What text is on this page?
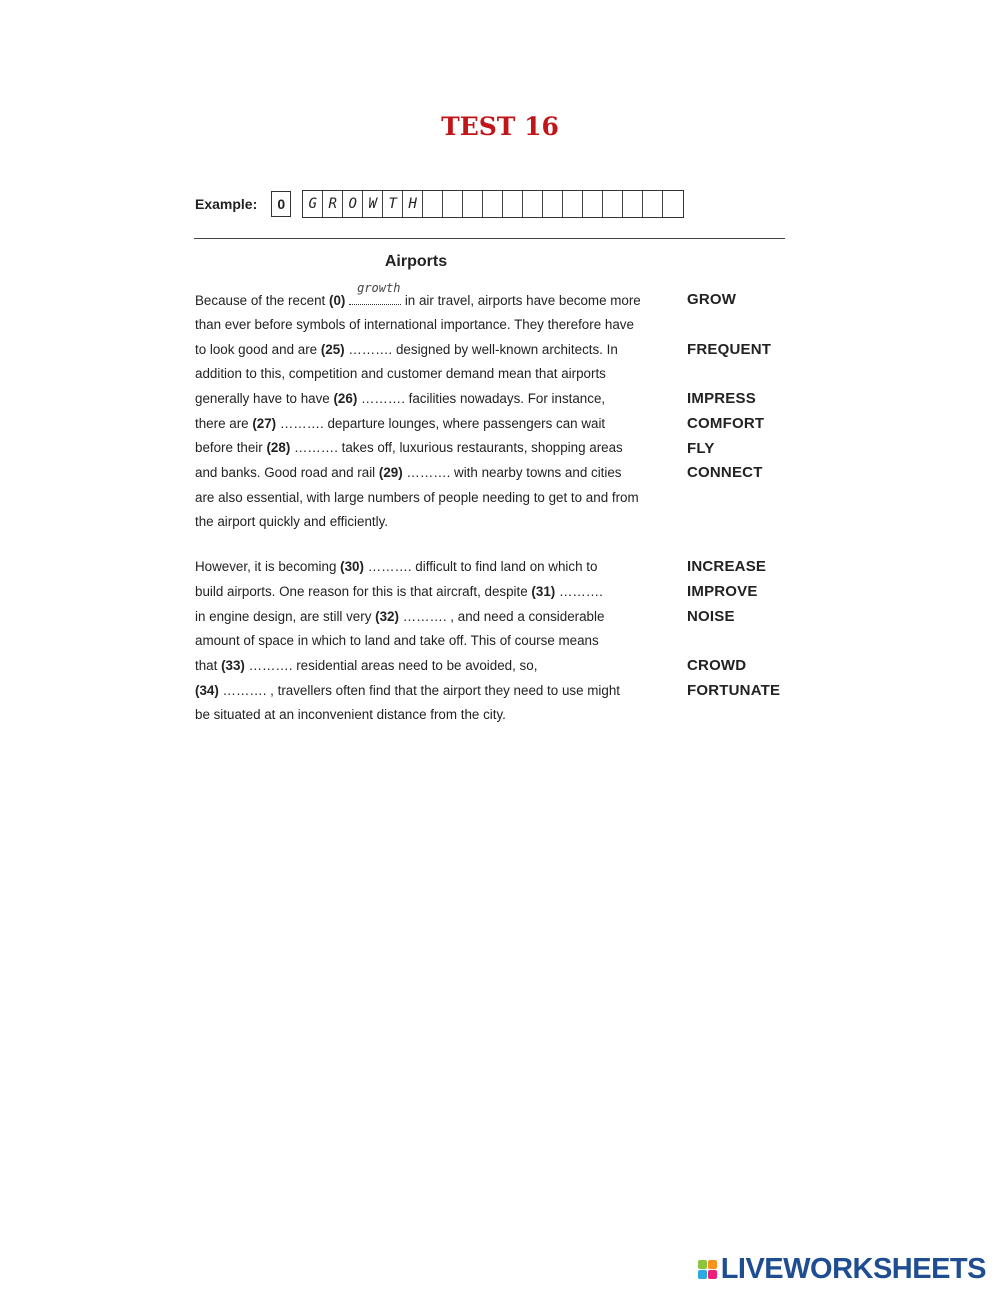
TEST 16
Example:	0	G R O W T H
Airports
Because of the recent (0)
growth
in air travel, airports have become more
than ever before symbols of international importance. They therefore have
to look good and are (25) ………. designed by well-known architects. In
addition to this, competition and customer demand mean that airports
generally have to have (26) ………. facilities nowadays. For instance,
there are (27) ………. departure lounges, where passengers can wait
before their (28) ………. takes off, luxurious restaurants, shopping areas
and banks. Good road and rail (29) ………. with nearby towns and cities
are also essential, with large numbers of people needing to get to and from
the airport quickly and efficiently.
However, it is becoming (30) ………. difficult to find land on which to
build airports. One reason for this is that aircraft, despite (31) ……….
in engine design, are still very (32) ………. , and need a considerable
amount of space in which to land and take off. This of course means
that (33) ………. residential areas need to be avoided, so,
(34) ………. , travellers often find that the airport they need to use might
be situated at an inconvenient distance from the city.
GROW
FREQUENT
IMPRESS
COMFORT
FLY
CONNECT
INCREASE
IMPROVE
NOISE
CROWD
FORTUNATE
LIVEWORKSHEETS
